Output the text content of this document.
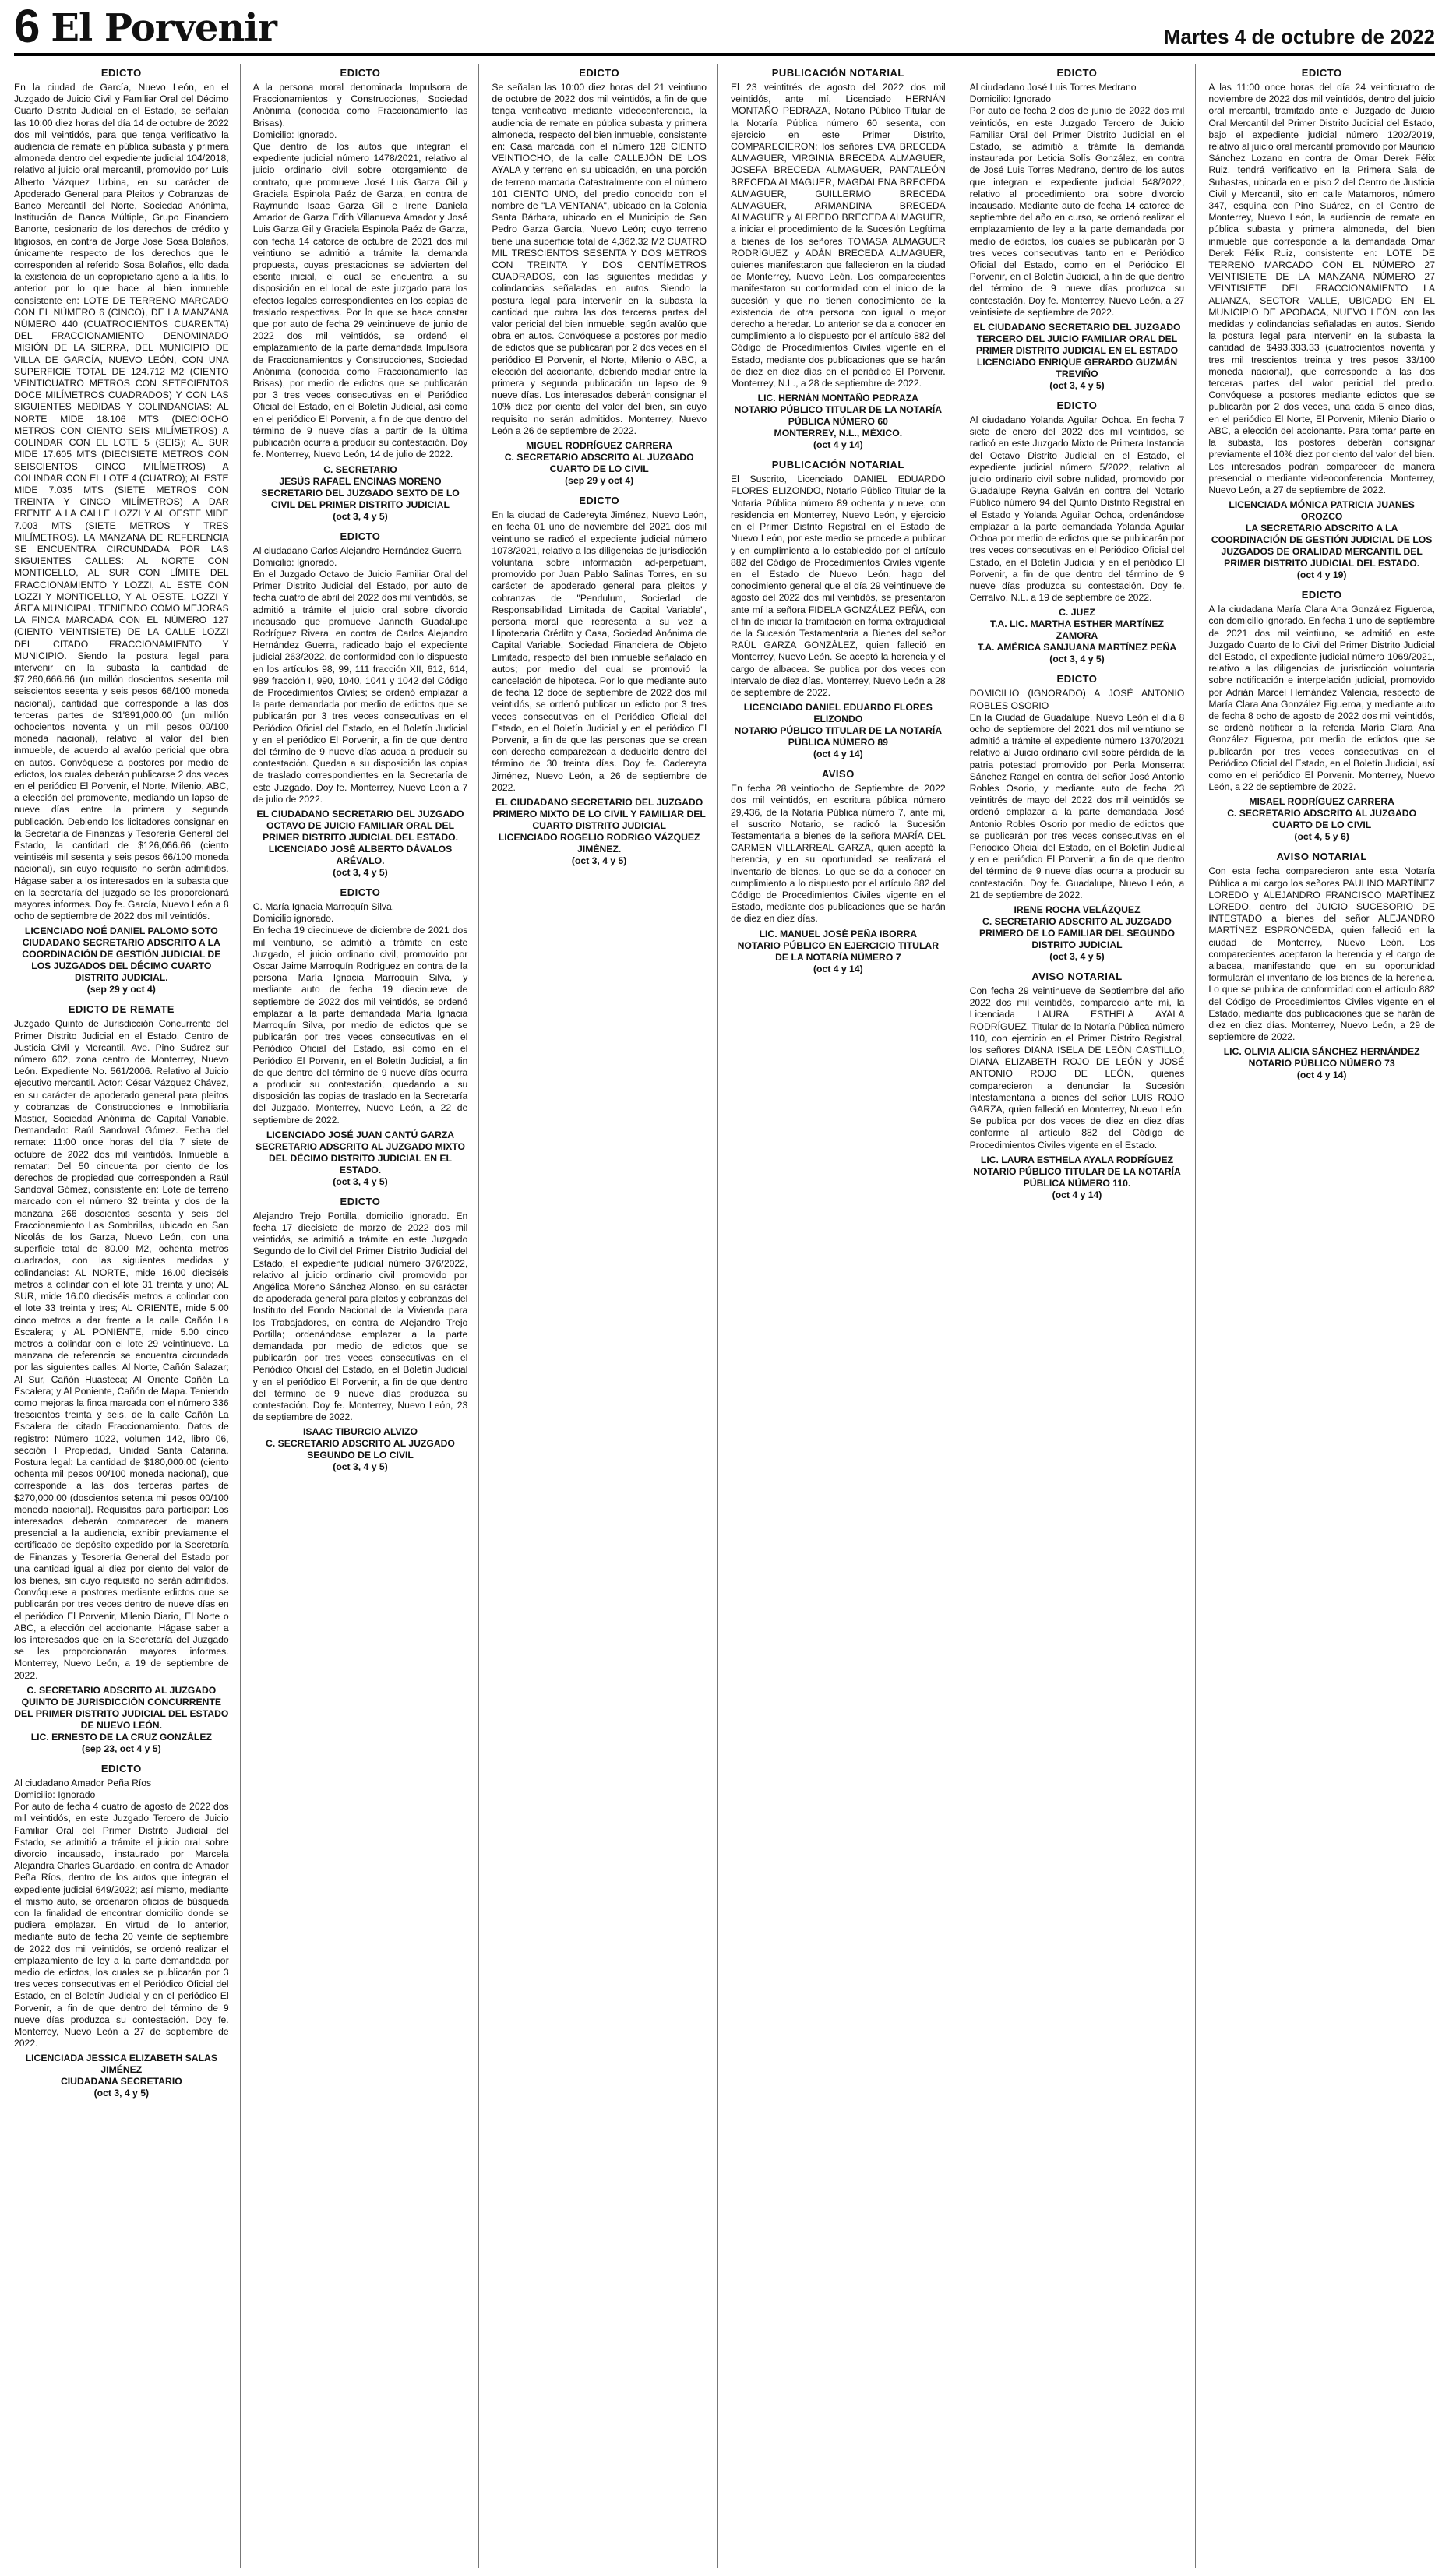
6 El Porvenir	Martes 4 de octubre de 2022
EDICTO

En la ciudad de García, Nuevo León, en el Juzgado de Juicio Civil y Familiar Oral del Décimo Cuarto Distrito Judicial en el Estado, se señalan las 10:00 diez horas del día 14 de octubre de 2022 dos mil veintidós, para que tenga verificativo la audiencia de remate en pública subasta y primera almoneda dentro del expediente judicial 104/2018, relativo al juicio oral mercantil, promovido por Luis Alberto Vázquez Urbina, en su carácter de Apoderado General para Pleitos y Cobranzas de Banco Mercantil del Norte, Sociedad Anónima, Institución de Banca Múltiple, Grupo Financiero Banorte, cesionario de los derechos de crédito y litigiosos, en contra de Jorge José Sosa Bolaños, únicamente respecto de los derechos que le corresponden al referido Sosa Bolaños, ello dada la existencia de un copropietario ajeno a la litis, lo anterior por lo que hace al bien inmueble consistente en: LOTE DE TERRENO MARCADO CON EL NÚMERO 6 (CINCO), DE LA MANZANA NÚMERO 440 (CUATROCIENTOS CUARENTA) DEL FRACCIONAMIENTO DENOMINADO MISIÓN DE LA SIERRA, DEL MUNICIPIO DE VILLA DE GARCÍA, NUEVO LEÓN, CON UNA SUPERFICIE TOTAL DE 124.712 M2 (CIENTO VEINTICUATRO METROS CON SETECIENTOS DOCE MILÍMETROS CUADRADOS) Y CON LAS SIGUIENTES MEDIDAS Y COLINDANCIAS: AL NORTE MIDE 18.106 MTS (DIECIOCHO METROS CON CIENTO SEIS MILÍMETROS) A COLINDAR CON EL LOTE 5 (SEIS); AL SUR MIDE 17.605 MTS (DIECISIETE METROS CON SEISCIENTOS CINCO MILÍMETROS) A COLINDAR CON EL LOTE 4 (CUATRO); AL ESTE MIDE 7.035 MTS (SIETE METROS CON TREINTA Y CINCO MILÍMETROS) A DAR FRENTE A LA CALLE LOZZI Y AL OESTE MIDE 7.003 MTS (SIETE METROS Y TRES MILÍMETROS). LA MANZANA DE REFERENCIA SE ENCUENTRA CIRCUNDADA POR LAS SIGUIENTES CALLES: AL NORTE CON MONTICELLO, AL SUR CON LÍMITE DEL FRACCIONAMIENTO Y LOZZI, AL ESTE CON LOZZI Y MONTICELLO, Y AL OESTE, LOZZI Y ÁREA MUNICIPAL. TENIENDO COMO MEJORAS LA FINCA MARCADA CON EL NÚMERO 127 (CIENTO VEINTISIETE) DE LA CALLE LOZZI DEL CITADO FRACCIONAMIENTO Y MUNICIPIO. Siendo la postura legal para intervenir en la subasta la cantidad de $7,260,666.66 (un millón doscientos sesenta mil seiscientos sesenta y seis pesos 66/100 moneda nacional), cantidad que corresponde a las dos terceras partes de $1'891,000.00 (un millón ochocientos noventa y un mil pesos 00/100 moneda nacional), relativo al valor del bien inmueble, de acuerdo al avalúo pericial que obra en autos. Convóquese a postores por medio de edictos, los cuales deberán publicarse 2 dos veces en el periódico El Porvenir, el Norte, Milenio, ABC, a elección del promovente, mediando un lapso de nueve días entre la primera y segunda publicación. Debiendo los licitadores consignar en la Secretaría de Finanzas y Tesorería General del Estado, la cantidad de $126,066.66 (ciento veintiséis mil sesenta y seis pesos 66/100 moneda nacional), sin cuyo requisito no serán admitidos. Hágase saber a los interesados en la subasta que en la secretaría del juzgado se les proporcionará mayores informes. Doy fe. García, Nuevo León a 8 ocho de septiembre de 2022 dos mil veintidós.

LICENCIADO NOÉ DANIEL PALOMO SOTO
CIUDADANO SECRETARIO ADSCRITO A LA COORDINACIÓN DE GESTIÓN JUDICIAL DE LOS JUZGADOS DEL DÉCIMO CUARTO DISTRITO JUDICIAL.
(sep 29 y oct 4)
EDICTO DE REMATE

Juzgado Quinto de Jurisdicción Concurrente del Primer Distrito Judicial en el Estado, Centro de Justicia Civil y Mercantil. Ave. Pino Suárez sur número 602, zona centro de Monterrey, Nuevo León. Expediente No. 561/2006. Relativo al Juicio ejecutivo mercantil. Actor: César Vázquez Chávez, en su carácter de apoderado general para pleitos y cobranzas de Construcciones e Inmobiliaria Mastier, Sociedad Anónima de Capital Variable. Demandado: Raúl Sandoval Gómez. Fecha del remate: 11:00 once horas del día 7 siete de octubre de 2022 dos mil veintidós. Inmueble a rematar: Del 50 cincuenta por ciento de los derechos de propiedad que corresponden a Raúl Sandoval Gómez, consistente en: Lote de terreno marcado con el número 32 treinta y dos de la manzana 266 doscientos sesenta y seis del Fraccionamiento Las Sombrillas, ubicado en San Nicolás de los Garza, Nuevo León, con una superficie total de 80.00 M2, ochenta metros cuadrados, con las siguientes medidas y colindancias: AL NORTE, mide 16.00 dieciséis metros a colindar con el lote 31 treinta y uno; AL SUR, mide 16.00 dieciséis metros a colindar con el lote 33 treinta y tres; AL ORIENTE, mide 5.00 cinco metros a dar frente a la calle Cañón La Escalera; y AL PONIENTE, mide 5.00 cinco metros a colindar con el lote 29 veintinueve. La manzana de referencia se encuentra circundada por las siguientes calles: Al Norte, Cañón Salazar; Al Sur, Cañón Huasteca; Al Oriente Cañón La Escalera; y Al Poniente, Cañón de Mapa. Teniendo como mejoras la finca marcada con el número 336 trescientos treinta y seis, de la calle Cañón La Escalera del citado Fraccionamiento. Datos de registro: Número 1022, volumen 142, libro 06, sección I Propiedad, Unidad Santa Catarina. Postura legal: La cantidad de $180,000.00 (ciento ochenta mil pesos 00/100 moneda nacional), que corresponde a las dos terceras partes de $270,000.00 (doscientos setenta mil pesos 00/100 moneda nacional). Requisitos para participar: Los interesados deberán comparecer de manera presencial a la audiencia, exhibir previamente el certificado de depósito expedido por la Secretaría de Finanzas y Tesorería General del Estado por una cantidad igual al diez por ciento del valor de los bienes, sin cuyo requisito no serán admitidos. Convóquese a postores mediante edictos que se publicarán por tres veces dentro de nueve días en el periódico El Porvenir, Milenio Diario, El Norte o ABC, a elección del accionante. Hágase saber a los interesados que en la Secretaría del Juzgado se les proporcionarán mayores informes. Monterrey, Nuevo León, a 19 de septiembre de 2022.

C. SECRETARIO ADSCRITO AL JUZGADO QUINTO DE JURISDICCIÓN CONCURRENTE DEL PRIMER DISTRITO JUDICIAL DEL ESTADO DE NUEVO LEÓN.
LIC. ERNESTO DE LA CRUZ GONZÁLEZ
(sep 23, oct 4 y 5)
EDICTO

Al ciudadano Amador Peña Ríos
Domicilio: Ignorado
Por auto de fecha 4 cuatro de agosto de 2022 dos mil veintidós, en este Juzgado Tercero de Juicio Familiar Oral del Primer Distrito Judicial del Estado, se admitió a trámite el juicio oral sobre divorcio incausado, instaurado por Marcela Alejandra Charles Guardado, en contra de Amador Peña Ríos, dentro de los autos que integran el expediente judicial 649/2022; así mismo, mediante el mismo auto, se ordenaron oficios de búsqueda con la finalidad de encontrar domicilio donde se pudiera emplazar. En virtud de lo anterior, mediante auto de fecha 20 veinte de septiembre de 2022 dos mil veintidós, se ordenó realizar el emplazamiento de ley a la parte demandada por medio de edictos, los cuales se publicarán por 3 tres veces consecutivas en el Periódico Oficial del Estado, en el Boletín Judicial y en el periódico El Porvenir, a fin de que dentro del término de 9 nueve días produzca su contestación. Doy fe. Monterrey, Nuevo León a 27 de septiembre de 2022.

LICENCIADA JESSICA ELIZABETH SALAS JIMÉNEZ
CIUDADANA SECRETARIO
(oct 3, 4 y 5)
EDICTO

A la persona moral denominada Impulsora de Fraccionamientos y Construcciones, Sociedad Anónima (conocida como Fraccionamiento las Brisas).
Domicilio: Ignorado.
Que dentro de los autos que integran el expediente judicial número 1478/2021, relativo al juicio ordinario civil sobre otorgamiento de contrato, que promueve José Luis Garza Gil y Graciela Espinola Paéz de Garza, en contra de Raymundo Isaac Garza Gil e Irene Daniela Amador de Garza Edith Villanueva Amador y José Luis Garza Gil y Graciela Espinola Paéz de Garza, con fecha 14 catorce de octubre de 2021 dos mil veintiuno se admitió a trámite la demanda propuesta, cuyas prestaciones se advierten del escrito inicial, el cual se encuentra a su disposición en el local de este juzgado para los efectos legales correspondientes en los copias de traslado respectivas. Por lo que se hace constar que por auto de fecha 29 veintinueve de junio de 2022 dos mil veintidós, se ordenó el emplazamiento de la parte demandada Impulsora de Fraccionamientos y Construcciones, Sociedad Anónima (conocida como Fraccionamiento las Brisas), por medio de edictos que se publicarán por 3 tres veces consecutivas en el Periódico Oficial del Estado, en el Boletín Judicial, así como en el periódico El Porvenir, a fin de que dentro del término de 9 nueve días a partir de la última publicación ocurra a producir su contestación. Doy fe. Monterrey, Nuevo León, 14 de julio de 2022.

C. SECRETARIO
JESÚS RAFAEL ENCINAS MORENO
SECRETARIO DEL JUZGADO SEXTO DE LO CIVIL DEL PRIMER DISTRITO JUDICIAL
(oct 3, 4 y 5)
EDICTO

Al ciudadano Carlos Alejandro Hernández Guerra
Domicilio: Ignorado.
En el Juzgado Octavo de Juicio Familiar Oral del Primer Distrito Judicial del Estado, por auto de fecha cuatro de abril del 2022 dos mil veintidós, se admitió a trámite el juicio oral sobre divorcio incausado que promueve Janneth Guadalupe Rodríguez Rivera, en contra de Carlos Alejandro Hernández Guerra, radicado bajo el expediente judicial 263/2022, de conformidad con lo dispuesto en los artículos 98, 99, 111 fracción XII, 612, 614, 989 fracción I, 990, 1040, 1041 y 1042 del Código de Procedimientos Civiles; se ordenó emplazar a la parte demandada por medio de edictos que se publicarán por 3 tres veces consecutivas en el Periódico Oficial del Estado, en el Boletín Judicial y en el periódico El Porvenir, a fin de que dentro del término de 9 nueve días acuda a producir su contestación. Quedan a su disposición las copias de traslado correspondientes en la Secretaría de este Juzgado. Doy fe. Monterrey, Nuevo León a 7 de julio de 2022.

EL CIUDADANO SECRETARIO DEL JUZGADO OCTAVO DE JUICIO FAMILIAR ORAL DEL PRIMER DISTRITO JUDICIAL DEL ESTADO.
LICENCIADO JOSÉ ALBERTO DÁVALOS ARÉVALO.
(oct 3, 4 y 5)
EDICTO

C. María Ignacia Marroquín Silva.
Domicilio ignorado.
En fecha 19 diecinueve de diciembre de 2021 dos mil veintiuno, se admitió a trámite en este Juzgado, el juicio ordinario civil, promovido por Oscar Jaime Marroquín Rodríguez en contra de la persona María Ignacia Marroquín Silva, y mediante auto de fecha 19 diecinueve de septiembre de 2022 dos mil veintidós, se ordenó emplazar a la parte demandada María Ignacia Marroquín Silva, por medio de edictos que se publicarán por tres veces consecutivas en el Periódico Oficial del Estado, así como en el Periódico El Porvenir, en el Boletín Judicial, a fin de que dentro del término de 9 nueve días ocurra a producir su contestación, quedando a su disposición las copias de traslado en la Secretaría del Juzgado. Monterrey, Nuevo León, a 22 de septiembre de 2022.

LICENCIADO JOSÉ JUAN CANTÚ GARZA
SECRETARIO ADSCRITO AL JUZGADO MIXTO DEL DÉCIMO DISTRITO JUDICIAL EN EL ESTADO.
(oct 3, 4 y 5)
EDICTO

Alejandro Trejo Portilla, domicilio ignorado. En fecha 17 diecisiete de marzo de 2022 dos mil veintidós, se admitió a trámite en este Juzgado Segundo de lo Civil del Primer Distrito Judicial del Estado, el expediente judicial número 376/2022, relativo al juicio ordinario civil promovido por Angélica Moreno Sánchez Alonso, en su carácter de apoderada general para pleitos y cobranzas del Instituto del Fondo Nacional de la Vivienda para los Trabajadores, en contra de Alejandro Trejo Portilla; ordenándose emplazar a la parte demandada por medio de edictos que se publicarán por tres veces consecutivas en el Periódico Oficial del Estado, en el Boletín Judicial y en el periódico El Porvenir, a fin de que dentro del término de 9 nueve días produzca su contestación. Doy fe. Monterrey, Nuevo León, 23 de septiembre de 2022.

ISAAC TIBURCIO ALVIZO
C. SECRETARIO ADSCRITO AL JUZGADO SEGUNDO DE LO CIVIL
(oct 3, 4 y 5)
EDICTO

Se señalan las 10:00 diez horas del 21 veintiuno de octubre de 2022 dos mil veintidós, a fin de que tenga verificativo mediante videoconferencia, la audiencia de remate en pública subasta y primera almoneda, respecto del bien inmueble, consistente en: Casa marcada con el número 128 CIENTO VEINTIOCHO, de la calle CALLEJÓN DE LOS AYALA y terreno en su ubicación, en una porción de terreno marcada Catastralmente con el número 101 CIENTO UNO, del predio conocido con el nombre de "LA VENTANA", ubicado en la Colonia Santa Bárbara, ubicado en el Municipio de San Pedro Garza García, Nuevo León; cuyo terreno tiene una superficie total de 4,362.32 M2 CUATRO MIL TRESCIENTOS SESENTA Y DOS METROS CON TREINTA Y DOS CENTÍMETROS CUADRADOS, con las siguientes medidas y colindancias señaladas en autos. Siendo la postura legal para intervenir en la subasta la cantidad que cubra las dos terceras partes del valor pericial del bien inmueble, según avalúo que obra en autos. Convóquese a postores por medio de edictos que se publicarán por 2 dos veces en el periódico El Porvenir, el Norte, Milenio o ABC, a elección del accionante, debiendo mediar entre la primera y segunda publicación un lapso de 9 nueve días. Los interesados deberán consignar el 10% diez por ciento del valor del bien, sin cuyo requisito no serán admitidos. Monterrey, Nuevo León a 26 de septiembre de 2022.

MIGUEL RODRÍGUEZ CARRERA
C. SECRETARIO ADSCRITO AL JUZGADO CUARTO DE LO CIVIL
(sep 29 y oct 4)
EDICTO

En la ciudad de Cadereyta Jiménez, Nuevo León, en fecha 01 uno de noviembre del 2021 dos mil veintiuno se radicó el expediente judicial número 1073/2021, relativo a las diligencias de jurisdicción voluntaria sobre información ad-perpetuam, promovido por Juan Pablo Salinas Torres, en su carácter de apoderado general para pleitos y cobranzas de "Pendulum, Sociedad de Responsabilidad Limitada de Capital Variable", persona moral que representa a su vez a Hipotecaria Crédito y Casa, Sociedad Anónima de Capital Variable, Sociedad Financiera de Objeto Limitado, respecto del bien inmueble señalado en autos; por medio del cual se promovió la cancelación de hipoteca. Por lo que mediante auto de fecha 12 doce de septiembre de 2022 dos mil veintidós, se ordenó publicar un edicto por 3 tres veces consecutivas en el Periódico Oficial del Estado, en el Boletín Judicial y en el periódico El Porvenir, a fin de que las personas que se crean con derecho comparezcan a deducirlo dentro del término de 30 treinta días. Doy fe. Cadereyta Jiménez, Nuevo León, a 26 de septiembre de 2022.

EL CIUDADANO SECRETARIO DEL JUZGADO PRIMERO MIXTO DE LO CIVIL Y FAMILIAR DEL CUARTO DISTRITO JUDICIAL
LICENCIADO ROGELIO RODRIGO VÁZQUEZ JIMÉNEZ.
(oct 3, 4 y 5)
PUBLICACIÓN NOTARIAL

El 23 veintitrés de agosto del 2022 dos mil veintidós, ante mí, Licenciado HERNÁN MONTAÑO PEDRAZA, Notario Público Titular de la Notaría Pública número 60 sesenta, con ejercicio en este Primer Distrito, COMPARECIERON: los señores EVA BRECEDA ALMAGUER, VIRGINIA BRECEDA ALMAGUER, JOSEFA BRECEDA ALMAGUER, PANTALEÓN BRECEDA ALMAGUER, MAGDALENA BRECEDA ALMAGUER, GUILLERMO BRECEDA ALMAGUER, ARMANDINA BRECEDA ALMAGUER y ALFREDO BRECEDA ALMAGUER, a iniciar el procedimiento de la Sucesión Legítima a bienes de los señores TOMASA ALMAGUER RODRÍGUEZ y ADÁN BRECEDA ALMAGUER, quienes manifestaron que fallecieron en la ciudad de Monterrey, Nuevo León. Los comparecientes manifestaron su conformidad con el inicio de la sucesión y que no tienen conocimiento de la existencia de otra persona con igual o mejor derecho a heredar. Lo anterior se da a conocer en cumplimiento a lo dispuesto por el artículo 882 del Código de Procedimientos Civiles vigente en el Estado, mediante dos publicaciones que se harán de diez en diez días en el periódico El Porvenir. Monterrey, N.L., a 28 de septiembre de 2022.

LIC. HERNÁN MONTAÑO PEDRAZA
NOTARIO PÚBLICO TITULAR DE LA NOTARÍA PÚBLICA NÚMERO 60
MONTERREY, N.L., MÉXICO.
(oct 4 y 14)
PUBLICACIÓN NOTARIAL

El Suscrito, Licenciado DANIEL EDUARDO FLORES ELIZONDO, Notario Público Titular de la Notaría Pública número 89 ochenta y nueve, con residencia en Monterrey, Nuevo León, y ejercicio en el Primer Distrito Registral en el Estado de Nuevo León, por este medio se procede a publicar y en cumplimiento a lo establecido por el artículo 882 del Código de Procedimientos Civiles vigente en el Estado de Nuevo León, hago del conocimiento general que el día 29 veintinueve de agosto del 2022 dos mil veintidós, se presentaron ante mí la señora FIDELA GONZÁLEZ PEÑA, con el fin de iniciar la tramitación en forma extrajudicial de la Sucesión Testamentaria a Bienes del señor RAÚL GARZA GONZÁLEZ, quien falleció en Monterrey, Nuevo León. Se aceptó la herencia y el cargo de albacea. Se publica por dos veces con intervalo de diez días. Monterrey, Nuevo León a 28 de septiembre de 2022.

LICENCIADO DANIEL EDUARDO FLORES ELIZONDO
NOTARIO PÚBLICO TITULAR DE LA NOTARÍA PÚBLICA NÚMERO 89
(oct 4 y 14)
AVISO

En fecha 28 veintiocho de Septiembre de 2022 dos mil veintidós, en escritura pública número 29,436, de la Notaría Pública número 7, ante mí, el suscrito Notario, se radicó la Sucesión Testamentaria a bienes de la señora MARÍA DEL CARMEN VILLARREAL GARZA, quien aceptó la herencia, y en su oportunidad se realizará el inventario de bienes. Lo que se da a conocer en cumplimiento a lo dispuesto por el artículo 882 del Código de Procedimientos Civiles vigente en el Estado, mediante dos publicaciones que se harán de diez en diez días.

LIC. MANUEL JOSÉ PEÑA IBORRA
NOTARIO PÚBLICO EN EJERCICIO TITULAR DE LA NOTARÍA NÚMERO 7
(oct 4 y 14)
EDICTO

Al ciudadano José Luis Torres Medrano
Domicilio: Ignorado
Por auto de fecha 2 dos de junio de 2022 dos mil veintidós, en este Juzgado Tercero de Juicio Familiar Oral del Primer Distrito Judicial en el Estado, se admitió a trámite la demanda instaurada por Leticia Solís González, en contra de José Luis Torres Medrano, dentro de los autos que integran el expediente judicial 548/2022, relativo al procedimiento oral sobre divorcio incausado. Mediante auto de fecha 14 catorce de septiembre del año en curso, se ordenó realizar el emplazamiento de ley a la parte demandada por medio de edictos, los cuales se publicarán por 3 tres veces consecutivas tanto en el Periódico Oficial del Estado, como en el Periódico El Porvenir, en el Boletín Judicial, a fin de que dentro del término de 9 nueve días produzca su contestación. Doy fe. Monterrey, Nuevo León, a 27 veintisiete de septiembre de 2022.

EL CIUDADANO SECRETARIO DEL JUZGADO TERCERO DEL JUICIO FAMILIAR ORAL DEL PRIMER DISTRITO JUDICIAL EN EL ESTADO
LICENCIADO ENRIQUE GERARDO GUZMÁN TREVIÑO
(oct 3, 4 y 5)
EDICTO

Al ciudadano Yolanda Aguilar Ochoa. En fecha 7 siete de enero del 2022 dos mil veintidós, se radicó en este Juzgado Mixto de Primera Instancia del Octavo Distrito Judicial en el Estado, el expediente judicial número 5/2022, relativo al juicio ordinario civil sobre nulidad, promovido por Guadalupe Reyna Galván en contra del Notario Público número 94 del Quinto Distrito Registral en el Estado y Yolanda Aguilar Ochoa, ordenándose emplazar a la parte demandada Yolanda Aguilar Ochoa por medio de edictos que se publicarán por tres veces consecutivas en el Periódico Oficial del Estado, en el Boletín Judicial y en el periódico El Porvenir, a fin de que dentro del término de 9 nueve días produzca su contestación. Doy fe. Cerralvo, N.L. a 19 de septiembre de 2022.

C. JUEZ
T.A. LIC. MARTHA ESTHER MARTÍNEZ ZAMORA
T.A. AMÉRICA SANJUANA MARTÍNEZ PEÑA
(oct 3, 4 y 5)
EDICTO

DOMICILIO (IGNORADO) A JOSÉ ANTONIO ROBLES OSORIO
En la Ciudad de Guadalupe, Nuevo León el día 8 ocho de septiembre del 2021 dos mil veintiuno se admitió a trámite el expediente número 1370/2021 relativo al Juicio ordinario civil sobre pérdida de la patria potestad promovido por Perla Monserrat Sánchez Rangel en contra del señor José Antonio Robles Osorio, y mediante auto de fecha 23 veintitrés de mayo del 2022 dos mil veintidós se ordenó emplazar a la parte demandada José Antonio Robles Osorio por medio de edictos que se publicarán por tres veces consecutivas en el Periódico Oficial del Estado, en el Boletín Judicial y en el periódico El Porvenir, a fin de que dentro del término de 9 nueve días ocurra a producir su contestación. Doy fe. Guadalupe, Nuevo León, a 21 de septiembre de 2022.

IRENE ROCHA VELÁZQUEZ
C. SECRETARIO ADSCRITO AL JUZGADO PRIMERO DE LO FAMILIAR DEL SEGUNDO DISTRITO JUDICIAL
(oct 3, 4 y 5)
AVISO NOTARIAL

Con fecha 29 veintinueve de Septiembre del año 2022 dos mil veintidós, compareció ante mí, la Licenciada LAURA ESTHELA AYALA RODRÍGUEZ, Titular de la Notaría Pública número 110, con ejercicio en el Primer Distrito Registral, los señores DIANA ISELA DE LEÓN CASTILLO, DIANA ELIZABETH ROJO DE LEÓN y JOSÉ ANTONIO ROJO DE LEÓN, quienes comparecieron a denunciar la Sucesión Intestamentaria a bienes del señor LUIS ROJO GARZA, quien falleció en Monterrey, Nuevo León. Se publica por dos veces de diez en diez días conforme al artículo 882 del Código de Procedimientos Civiles vigente en el Estado.

LIC. LAURA ESTHELA AYALA RODRÍGUEZ
NOTARIO PÚBLICO TITULAR DE LA NOTARÍA PÚBLICA NÚMERO 110.
(oct 4 y 14)
EDICTO

A las 11:00 once horas del día 24 veinticuatro de noviembre de 2022 dos mil veintidós, dentro del juicio oral mercantil, tramitado ante el Juzgado de Juicio Oral Mercantil del Primer Distrito Judicial del Estado, bajo el expediente judicial número 1202/2019, relativo al juicio oral mercantil promovido por Mauricio Sánchez Lozano en contra de Omar Derek Félix Ruiz, tendrá verificativo en la Primera Sala de Subastas, ubicada en el piso 2 del Centro de Justicia Civil y Mercantil, sito en calle Matamoros, número 347, esquina con Pino Suárez, en el Centro de Monterrey, Nuevo León, la audiencia de remate en pública subasta y primera almoneda, del bien inmueble que corresponde a la demandada Omar Derek Félix Ruiz, consistente en: LOTE DE TERRENO MARCADO CON EL NÚMERO 27 VEINTISIETE DE LA MANZANA NÚMERO 27 VEINTISIETE DEL FRACCIONAMIENTO LA ALIANZA, SECTOR VALLE, UBICADO EN EL MUNICIPIO DE APODACA, NUEVO LEÓN, con las medidas y colindancias señaladas en autos. Siendo la postura legal para intervenir en la subasta la cantidad de $493,333.33 (cuatrocientos noventa y tres mil trescientos treinta y tres pesos 33/100 moneda nacional), que corresponde a las dos terceras partes del valor pericial del predio. Convóquese a postores mediante edictos que se publicarán por 2 dos veces, una cada 5 cinco días, en el periódico El Norte, El Porvenir, Milenio Diario o ABC, a elección del accionante. Para tomar parte en la subasta, los postores deberán consignar previamente el 10% diez por ciento del valor del bien. Los interesados podrán comparecer de manera presencial o mediante videoconferencia. Monterrey, Nuevo León, a 27 de septiembre de 2022.

LICENCIADA MÓNICA PATRICIA JUANES OROZCO
LA SECRETARIO ADSCRITO A LA COORDINACIÓN DE GESTIÓN JUDICIAL DE LOS JUZGADOS DE ORALIDAD MERCANTIL DEL PRIMER DISTRITO JUDICIAL DEL ESTADO.
(oct 4 y 19)
EDICTO

A la ciudadana María Clara Ana González Figueroa, con domicilio ignorado. En fecha 1 uno de septiembre de 2021 dos mil veintiuno, se admitió en este Juzgado Cuarto de lo Civil del Primer Distrito Judicial del Estado, el expediente judicial número 1069/2021, relativo a las diligencias de jurisdicción voluntaria sobre notificación e interpelación judicial, promovido por Adrián Marcel Hernández Valencia, respecto de María Clara Ana González Figueroa, y mediante auto de fecha 8 ocho de agosto de 2022 dos mil veintidós, se ordenó notificar a la referida María Clara Ana González Figueroa, por medio de edictos que se publicarán por tres veces consecutivas en el Periódico Oficial del Estado, en el Boletín Judicial, así como en el periódico El Porvenir. Monterrey, Nuevo León, a 22 de septiembre de 2022.

MISAEL RODRÍGUEZ CARRERA
C. SECRETARIO ADSCRITO AL JUZGADO CUARTO DE LO CIVIL
(oct 4, 5 y 6)
AVISO NOTARIAL

Con esta fecha comparecieron ante esta Notaría Pública a mi cargo los señores PAULINO MARTÍNEZ LOREDO y ALEJANDRO FRANCISCO MARTÍNEZ LOREDO, dentro del JUICIO SUCESORIO DE INTESTADO a bienes del señor ALEJANDRO MARTÍNEZ ESPRONCEDA, quien falleció en la ciudad de Monterrey, Nuevo León. Los comparecientes aceptaron la herencia y el cargo de albacea, manifestando que en su oportunidad formularán el inventario de los bienes de la herencia. Lo que se publica de conformidad con el artículo 882 del Código de Procedimientos Civiles vigente en el Estado, mediante dos publicaciones que se harán de diez en diez días. Monterrey, Nuevo León, a 29 de septiembre de 2022.

LIC. OLIVIA ALICIA SÁNCHEZ HERNÁNDEZ
NOTARIO PÚBLICO NÚMERO 73
(oct 4 y 14)
